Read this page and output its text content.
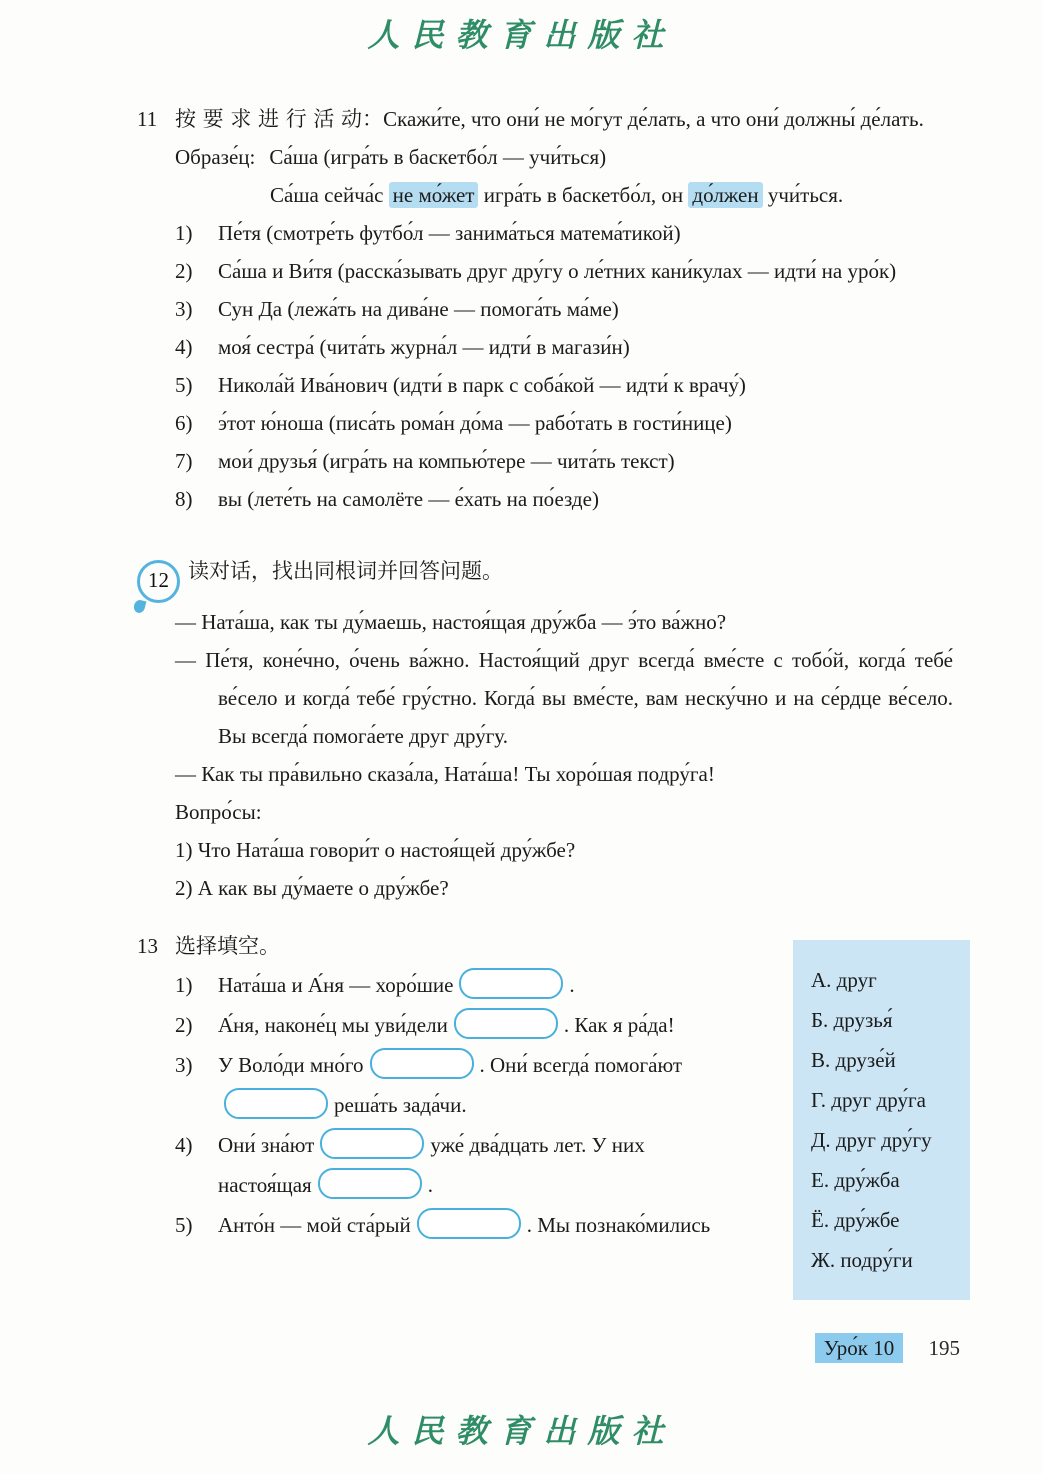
人民教育出版社
11 按 要 求 进 行 活 动：Скажи́те, что они́ не мо́гут де́лать, а что они́ должны́ де́лать.
Образе́ц: Са́ша (игра́ть в баскетбо́л — учи́ться)
Са́ша сейча́с не мо́жет игра́ть в баскетбо́л, он до́лжен учи́ться.
1) Пе́тя (смотре́ть футбо́л — занима́ться матема́тикой)
2) Са́ша и Ви́тя (расска́зывать друг дру́гу о ле́тних кани́кулах — идти́ на уро́к)
3) Сун Да (лежа́ть на дива́не — помога́ть ма́ме)
4) моя́ сестра́ (чита́ть журна́л — идти́ в магази́н)
5) Никола́й Ива́нович (идти́ в парк с соба́кой — идти́ к врачу́)
6) э́тот ю́ноша (писа́ть рома́н до́ма — рабо́тать в гости́нице)
7) мои́ друзья́ (игра́ть на компью́тере — чита́ть текст)
8) вы (лете́ть на самолёте — е́хать на по́езде)
12 读对话，找出同根词并回答问题。
— Ната́ша, как ты ду́маешь, настоя́щая дру́жба — э́то ва́жно?
— Пе́тя, коне́чно, о́чень ва́жно. Настоя́щий друг всегда́ вме́сте с тобо́й, когда́ тебе́ ве́село и когда́ тебе́ гру́стно. Когда́ вы вме́сте, вам неску́чно и на се́рдце ве́село. Вы всегда́ помога́ете друг дру́гу.
— Как ты пра́вильно сказа́ла, Ната́ша! Ты хоро́шая подру́га!
Вопро́сы:
1) Что Ната́ша говори́т о настоя́щей дру́жбе?
2) А как вы ду́маете о дру́жбе?
13 选择填空。
1) Ната́ша и А́ня — хоро́шие	.
2) А́ня, наконе́ц мы уви́дели	. Как я ра́да!
3) У Воло́ди мно́го	. Они́ всегда́ помога́ют
реша́ть зада́чи.
4) Они́ зна́ют	уже́ два́дцать лет. У них
настоя́щая	.
5) Анто́н — мой ста́рый	. Мы познако́мились
А. друг
Б. друзья́
В. друзе́й
Г. друг дру́га
Д. друг дру́гу
Е. дру́жба
Ё. дру́жбе
Ж. подру́ги
Уро́к 10 195
人民教育出版社
